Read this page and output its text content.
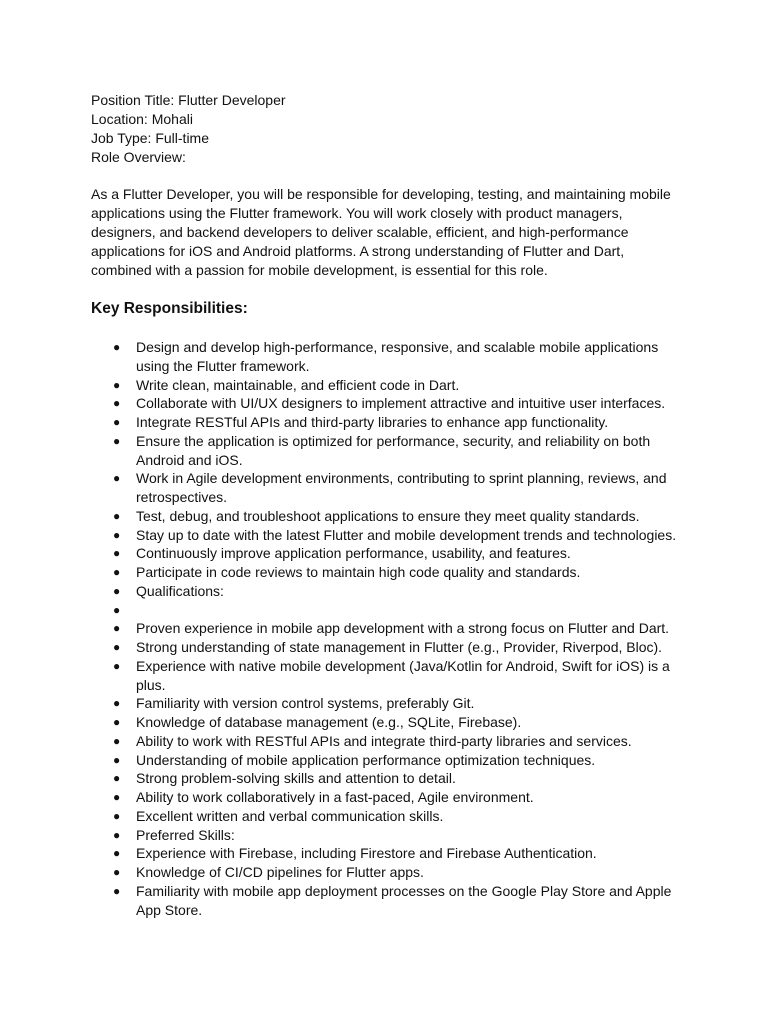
Position Title: Flutter Developer
Location: Mohali
Job Type: Full-time
Role Overview:
As a Flutter Developer, you will be responsible for developing, testing, and maintaining mobile applications using the Flutter framework. You will work closely with product managers, designers, and backend developers to deliver scalable, efficient, and high-performance applications for iOS and Android platforms. A strong understanding of Flutter and Dart, combined with a passion for mobile development, is essential for this role.
Key Responsibilities:
● Design and develop high-performance, responsive, and scalable mobile applications using the Flutter framework.
● Write clean, maintainable, and efficient code in Dart.
● Collaborate with UI/UX designers to implement attractive and intuitive user interfaces.
● Integrate RESTful APIs and third-party libraries to enhance app functionality.
● Ensure the application is optimized for performance, security, and reliability on both Android and iOS.
● Work in Agile development environments, contributing to sprint planning, reviews, and retrospectives.
● Test, debug, and troubleshoot applications to ensure they meet quality standards.
● Stay up to date with the latest Flutter and mobile development trends and technologies.
● Continuously improve application performance, usability, and features.
● Participate in code reviews to maintain high code quality and standards.
● Qualifications:
●
● Proven experience in mobile app development with a strong focus on Flutter and Dart.
● Strong understanding of state management in Flutter (e.g., Provider, Riverpod, Bloc).
● Experience with native mobile development (Java/Kotlin for Android, Swift for iOS) is a plus.
● Familiarity with version control systems, preferably Git.
● Knowledge of database management (e.g., SQLite, Firebase).
● Ability to work with RESTful APIs and integrate third-party libraries and services.
● Understanding of mobile application performance optimization techniques.
● Strong problem-solving skills and attention to detail.
● Ability to work collaboratively in a fast-paced, Agile environment.
● Excellent written and verbal communication skills.
● Preferred Skills:
● Experience with Firebase, including Firestore and Firebase Authentication.
● Knowledge of CI/CD pipelines for Flutter apps.
● Familiarity with mobile app deployment processes on the Google Play Store and Apple App Store.
